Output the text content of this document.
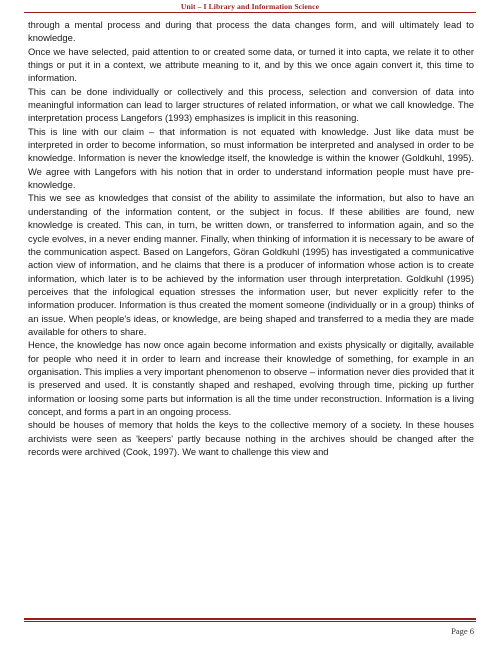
Unit – I Library and Information Science

through a mental process and during that process the data changes form, and will ultimately lead to knowledge.

Once we have selected, paid attention to or created some data, or turned it into capta, we relate it to other things or put it in a context, we attribute meaning to it, and by this we once again convert it, this time to information.

This can be done individually or collectively and this process, selection and conversion of data into meaningful information can lead to larger structures of related information, or what we call knowledge. The interpretation process Langefors (1993) emphasizes is implicit in this reasoning.

This is line with our claim – that information is not equated with knowledge. Just like data must be interpreted in order to become information, so must information be interpreted and analysed in order to be knowledge. Information is never the knowledge itself, the knowledge is within the knower (Goldkuhl, 1995). We agree with Langefors with his notion that in order to understand information people must have pre-knowledge.

This we see as knowledges that consist of the ability to assimilate the information, but also to have an understanding of the information content, or the subject in focus. If these abilities are found, new knowledge is created. This can, in turn, be written down, or transferred to information again, and so the cycle evolves, in a never ending manner. Finally, when thinking of information it is necessary to be aware of the communication aspect. Based on Langefors, Göran Goldkuhl (1995) has investigated a communicative action view of information, and he claims that there is a producer of information whose action is to create information, which later is to be achieved by the information user through interpretation. Goldkuhl (1995) perceives that the infological equation stresses the information user, but never explicitly refer to the information producer. Information is thus created the moment someone (individually or in a group) thinks of an issue. When people's ideas, or knowledge, are being shaped and transferred to a media they are made available for others to share.

Hence, the knowledge has now once again become information and exists physically or digitally, available for people who need it in order to learn and increase their knowledge of something, for example in an organisation. This implies a very important phenomenon to observe – information never dies provided that it is preserved and used. It is constantly shaped and reshaped, evolving through time, picking up further information or loosing some parts but information is all the time under reconstruction. Information is a living concept, and forms a part in an ongoing process.

should be houses of memory that holds the keys to the collective memory of a society. In these houses archivists were seen as 'keepers' partly because nothing in the archives should be changed after the records were archived (Cook, 1997). We want to challenge this view and

Page 6
